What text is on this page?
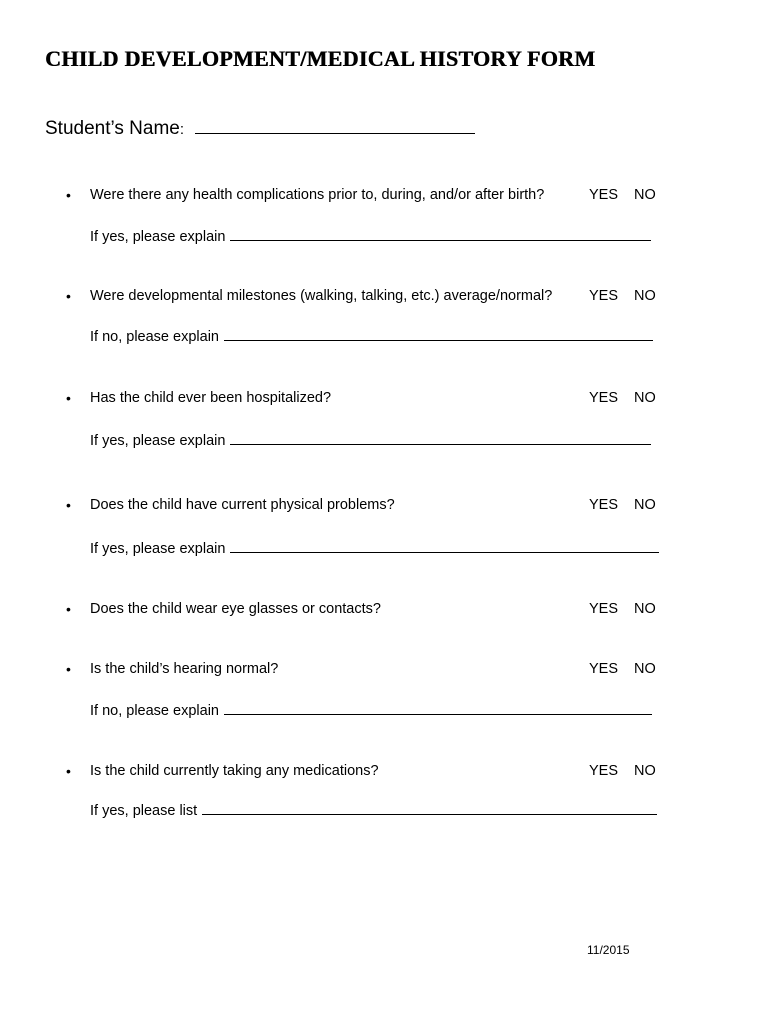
CHILD DEVELOPMENT/MEDICAL HISTORY FORM
Student’s Name:
• Were there any health complications prior to, during, and/or after birth?	YES NO
If yes, please explain
• Were developmental milestones (walking, talking, etc.) average/normal?	YES NO
If no, please explain
• Has the child ever been hospitalized?	YES NO
If yes, please explain
• Does the child have current physical problems?	YES NO
If yes, please explain
• Does the child wear eye glasses or contacts?	YES NO
• Is the child’s hearing normal?	YES NO
If no, please explain
• Is the child currently taking any medications?	YES NO
If yes, please list
11/2015
